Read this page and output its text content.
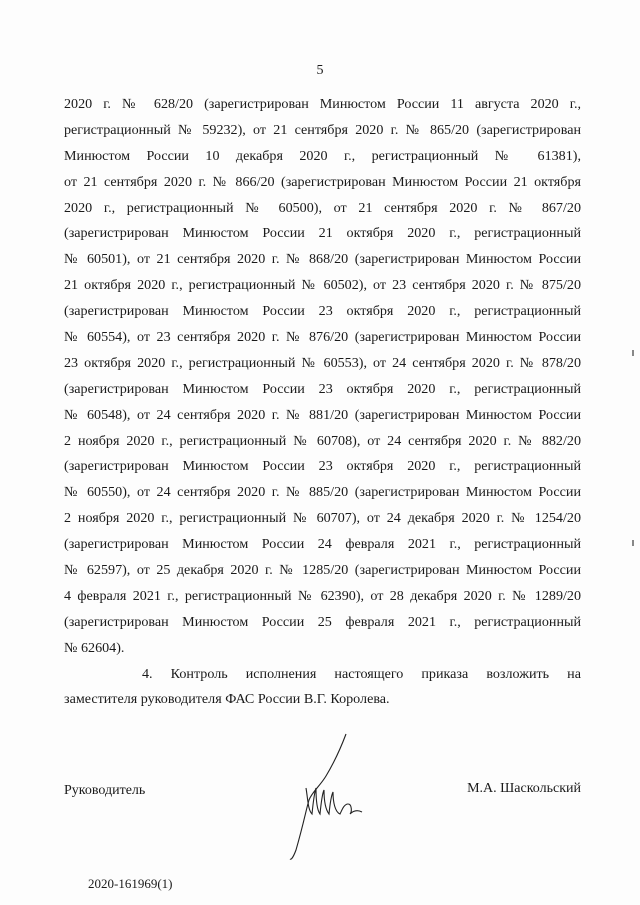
5
2020 г. № 628/20 (зарегистрирован Минюстом России 11 августа 2020 г.,
регистрационный № 59232), от 21 сентября 2020 г. № 865/20 (зарегистрирован
Минюстом России 10 декабря 2020 г., регистрационный № 61381),
от 21 сентября 2020 г. № 866/20 (зарегистрирован Минюстом России 21 октября
2020 г., регистрационный № 60500), от 21 сентября 2020 г. № 867/20
(зарегистрирован Минюстом России 21 октября 2020 г., регистрационный
№ 60501), от 21 сентября 2020 г. № 868/20 (зарегистрирован Минюстом России
21 октября 2020 г., регистрационный № 60502), от 23 сентября 2020 г. № 875/20
(зарегистрирован Минюстом России 23 октября 2020 г., регистрационный
№ 60554), от 23 сентября 2020 г. № 876/20 (зарегистрирован Минюстом России
23 октября 2020 г., регистрационный № 60553), от 24 сентября 2020 г. № 878/20
(зарегистрирован Минюстом России 23 октября 2020 г., регистрационный
№ 60548), от 24 сентября 2020 г. № 881/20 (зарегистрирован Минюстом России
2 ноября 2020 г., регистрационный № 60708), от 24 сентября 2020 г. № 882/20
(зарегистрирован Минюстом России 23 октября 2020 г., регистрационный
№ 60550), от 24 сентября 2020 г. № 885/20 (зарегистрирован Минюстом России
2 ноября 2020 г., регистрационный № 60707), от 24 декабря 2020 г. № 1254/20
(зарегистрирован Минюстом России 24 февраля 2021 г., регистрационный
№ 62597), от 25 декабря 2020 г. № 1285/20 (зарегистрирован Минюстом России
4 февраля 2021 г., регистрационный № 62390), от 28 декабря 2020 г. № 1289/20
(зарегистрирован Минюстом России 25 февраля 2021 г., регистрационный
№ 62604).
4. Контроль исполнения настоящего приказа возложить на
заместителя руководителя ФАС России В.Г. Королева.
Руководитель	М.А. Шаскольский
2020-161969(1)
